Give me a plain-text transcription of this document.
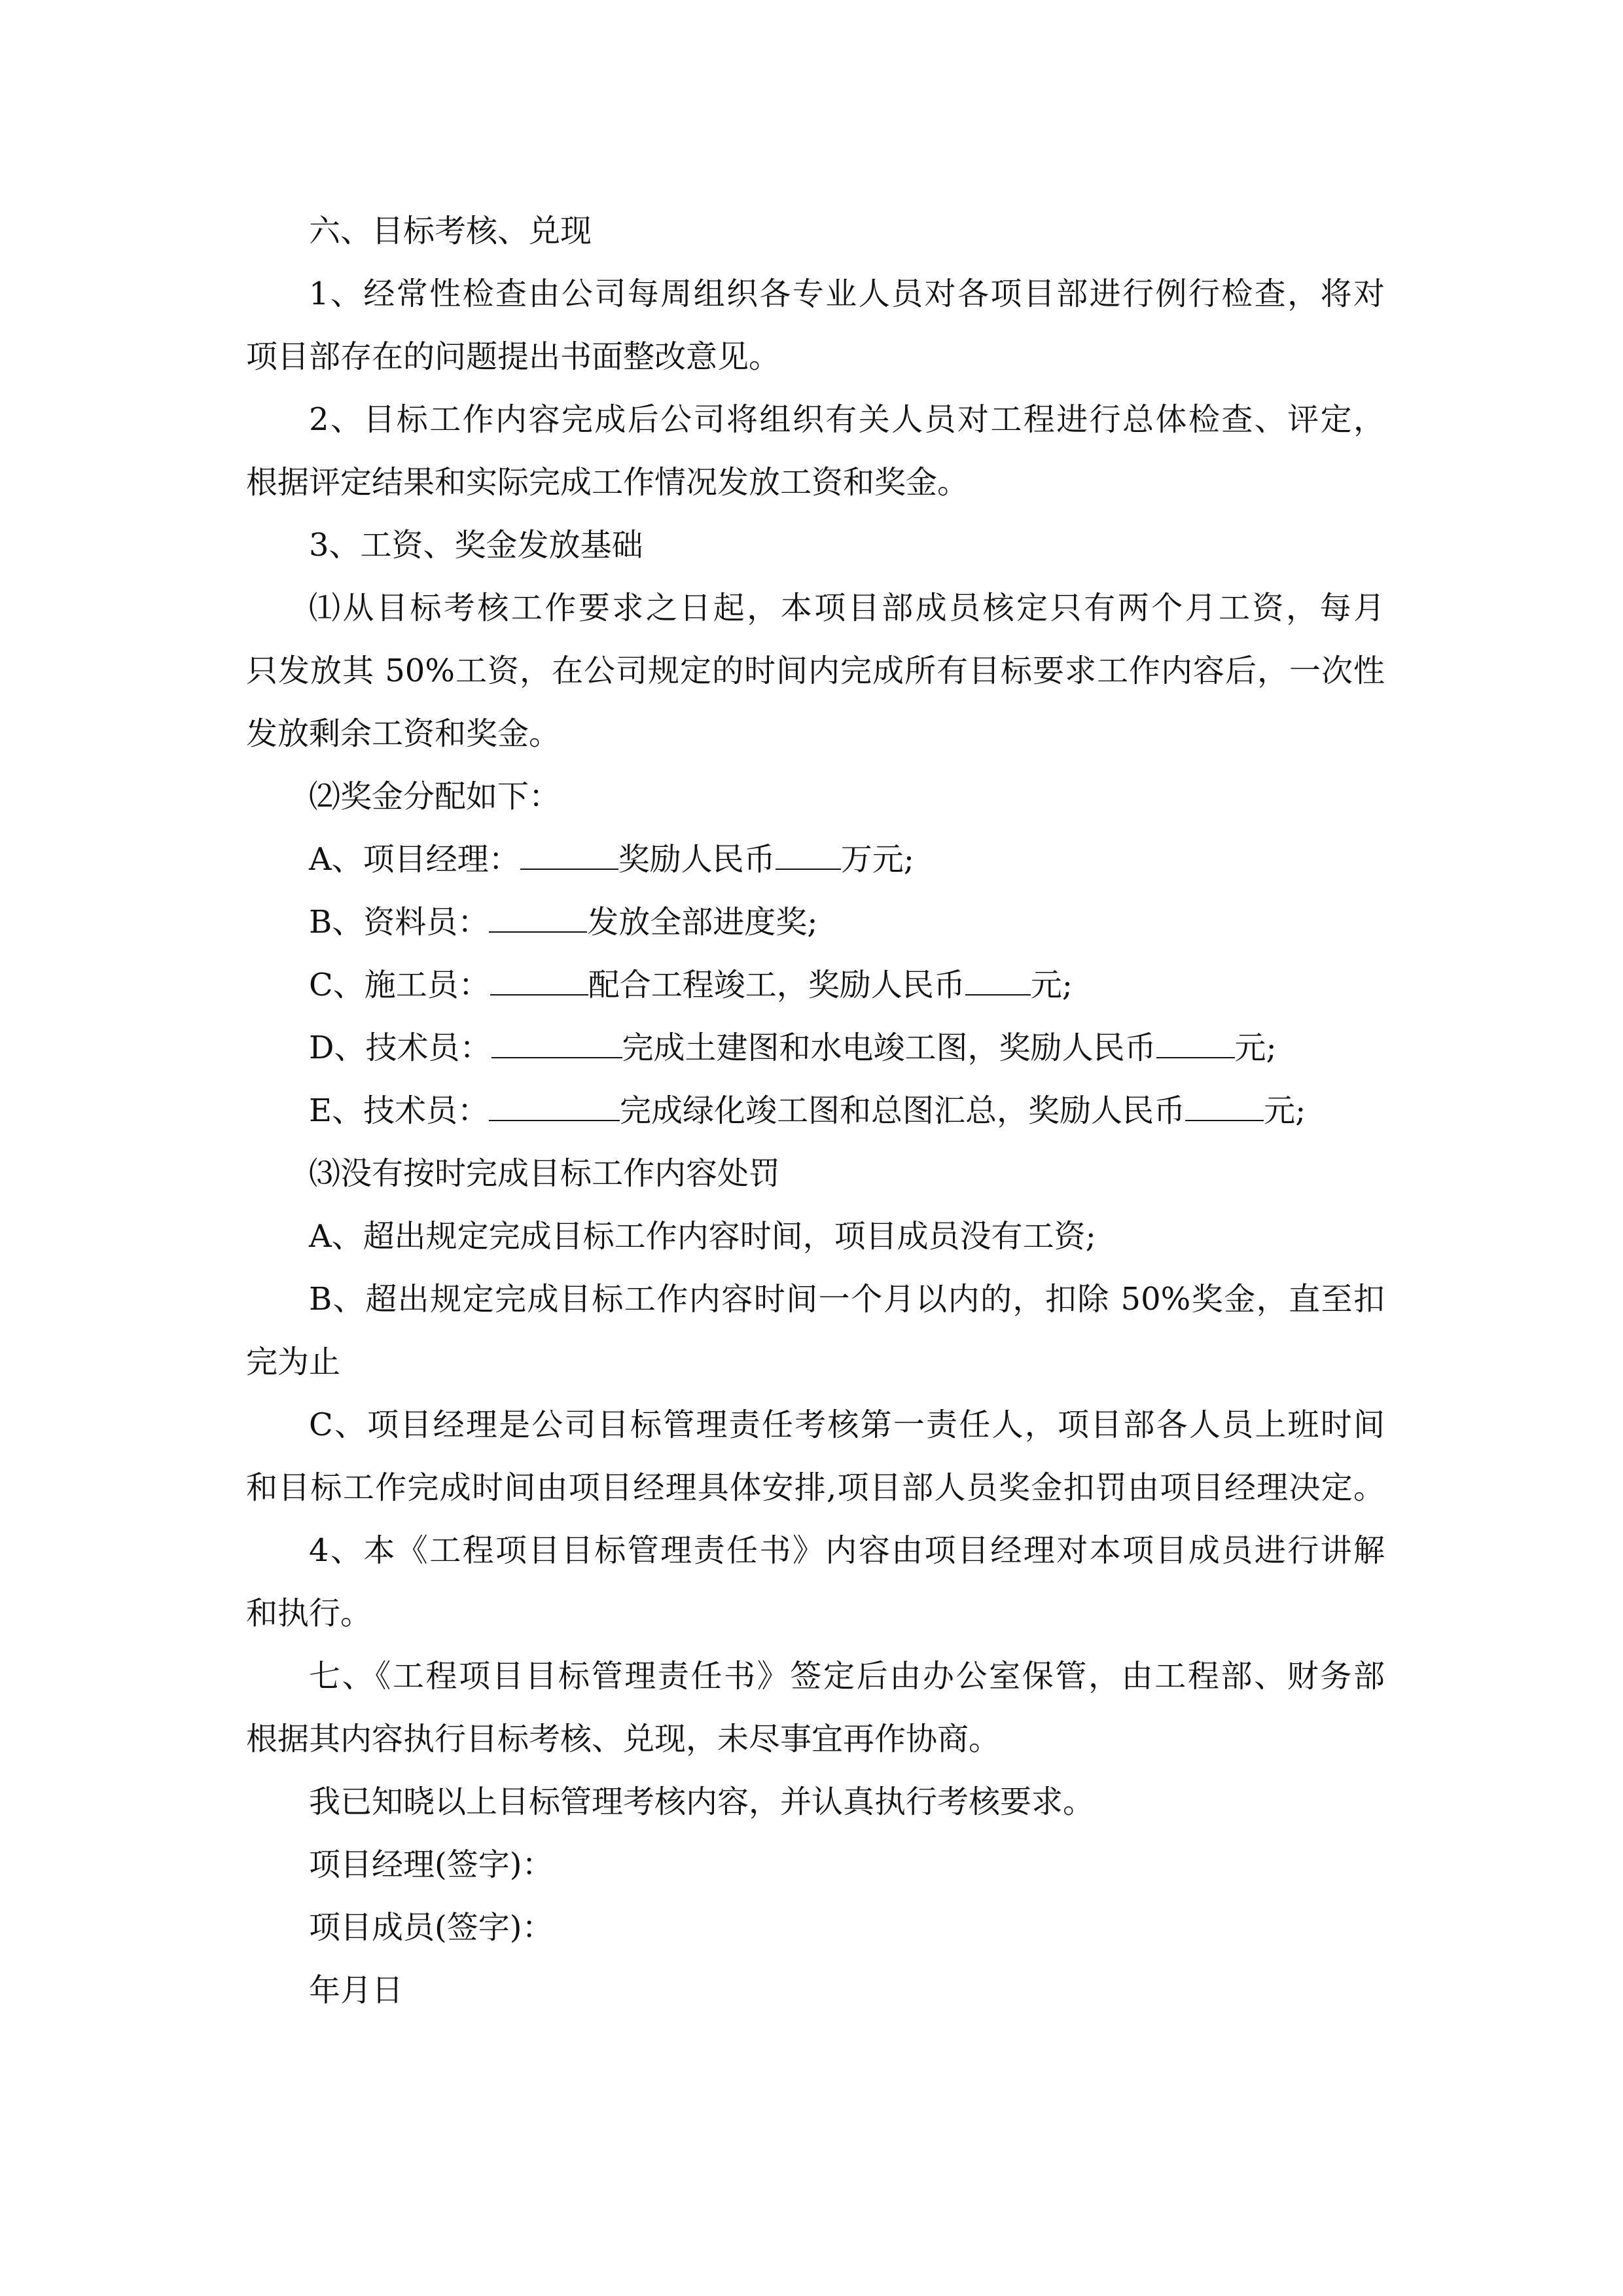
六、目标考核、兑现

1、经常性检查由公司每周组织各专业人员对各项目部进行例行检查，将对

项目部存在的问题提出书面整改意见。

2、目标工作内容完成后公司将组织有关人员对工程进行总体检查、评定，

根据评定结果和实际完成工作情况发放工资和奖金。

3、工资、奖金发放基础

⑴从目标考核工作要求之日起，本项目部成员核定只有两个月工资，每月

只发放其 50%工资，在公司规定的时间内完成所有目标要求工作内容后，一次性

发放剩余工资和奖金。

⑵奖金分配如下：

A、项目经理：	奖励人民币 万元;

B、资料员：	发放全部进度奖;

C、施工员：	配合工程竣工，奖励人民币 元;

D、技术员：	完成土建图和水电竣工图，奖励人民币	元;

E、技术员：	完成绿化竣工图和总图汇总，奖励人民币	元;

⑶没有按时完成目标工作内容处罚

A、超出规定完成目标工作内容时间，项目成员没有工资;

B、超出规定完成目标工作内容时间一个月以内的，扣除 50%奖金，直至扣

完为止

C、项目经理是公司目标管理责任考核第一责任人，项目部各人员上班时间

和目标工作完成时间由项目经理具体安排,项目部人员奖金扣罚由项目经理决定。

4、本《工程项目目标管理责任书》内容由项目经理对本项目成员进行讲解

和执行。

七、《工程项目目标管理责任书》签定后由办公室保管，由工程部、财务部

根据其内容执行目标考核、兑现，未尽事宜再作协商。

我已知晓以上目标管理考核内容，并认真执行考核要求。

项目经理(签字)：

项目成员(签字)：

年月日
